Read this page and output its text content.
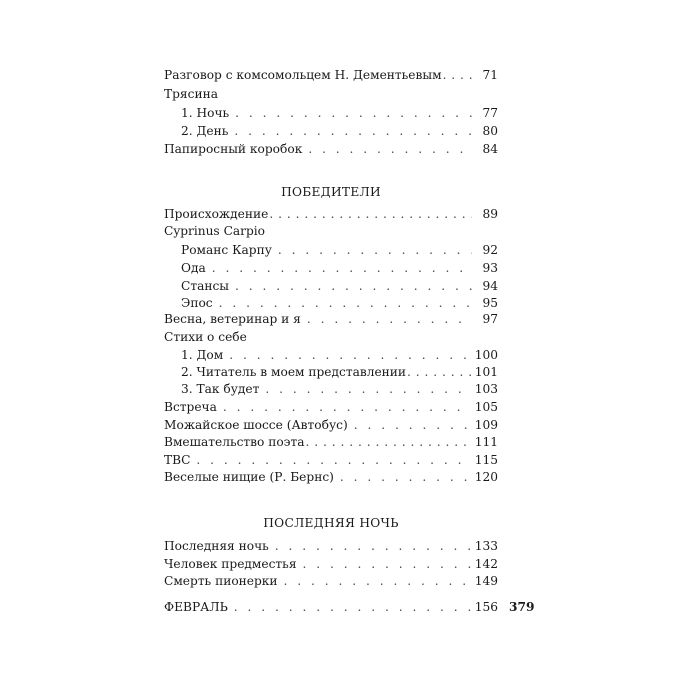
Разговор с комсомольцем Н. Дементьевым . . .	71
Трясина
1. Ночь . . .	77
2. День . . .	80
Папиросный коробок . . .	84
ПОБЕДИТЕЛИ
Происхождение . . .	89
Cyprinus Carpio
Романс Карпу . . .	92
Ода . . .	93
Стансы . . .	94
Эпос . . .	95
Весна, ветеринар и я . . .	97
Стихи о себе
1. Дом . . .	100
2. Читатель в моем представлении . . .	101
3. Так будет . . .	103
Встреча . . .	105
Можайское шоссе (Автобус) . . .	109
Вмешательство поэта . . .	111
ТВС . . .	115
Веселые нищие (Р. Бернс) . . .	120
ПОСЛЕДНЯЯ НОЧЬ
Последняя ночь . . .	133
Человек предместья . . .	142
Смерть пионерки . . .	149
ФЕВРАЛЬ . . .	156 379
